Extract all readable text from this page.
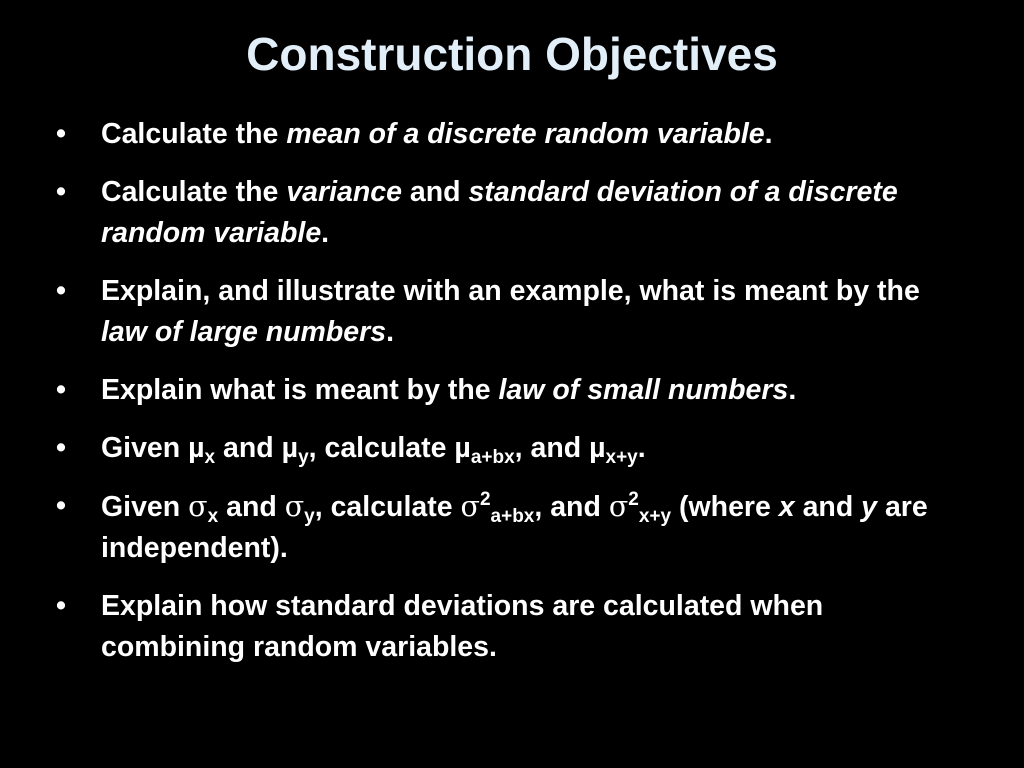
Construction Objectives
• Calculate the mean of a discrete random variable.
• Calculate the variance and standard deviation of a discrete random variable.
• Explain, and illustrate with an example, what is meant by the law of large numbers.
• Explain what is meant by the law of small numbers.
• Given µ$_x$ and µ$_y$, calculate µ$_{a+bx}$, and µ$_{x+y}$.
• Given $\sigma_x$ and $\sigma_y$, calculate $\sigma^2_{a+bx}$, and $\sigma^2_{x+y}$ (where x and y are independent).
• Explain how standard deviations are calculated when combining random variables.
